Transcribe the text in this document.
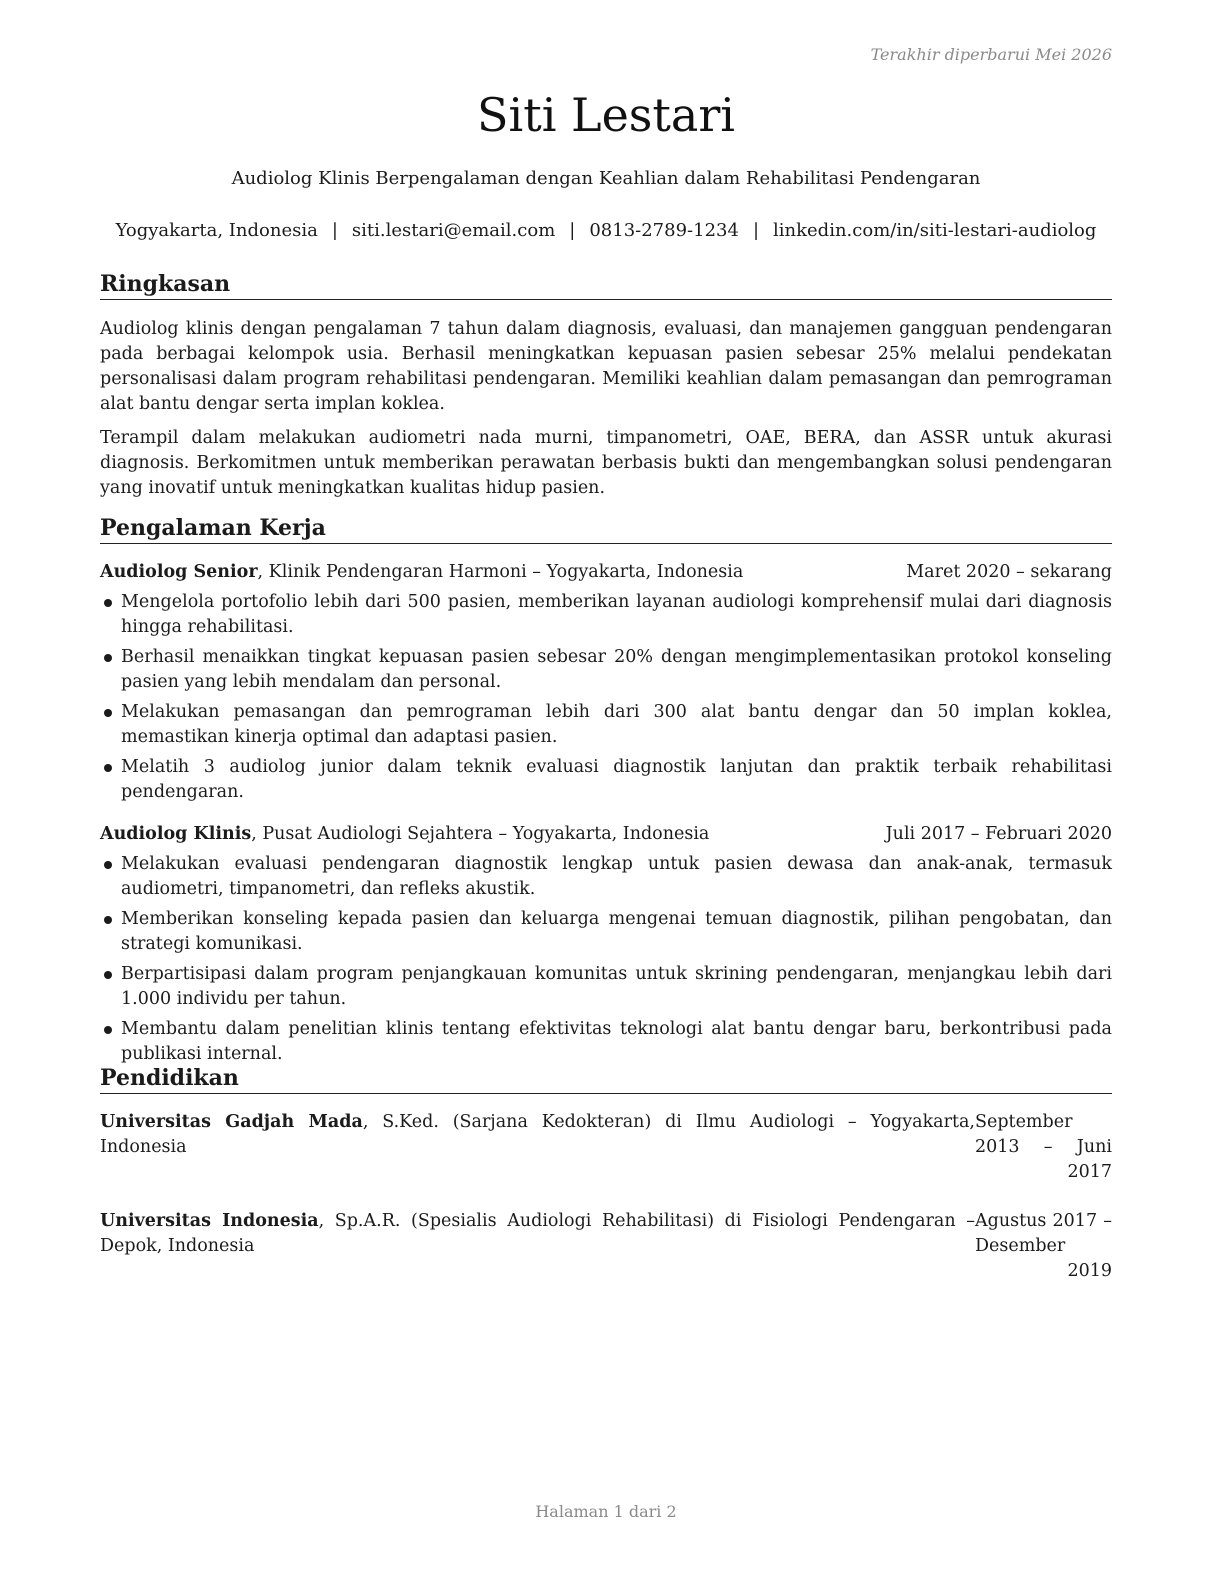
Terakhir diperbarui Mei 2026
Siti Lestari

Audiolog Klinis Berpengalaman dengan Keahlian dalam Rehabilitasi Pendengaran

Yogyakarta, Indonesia | siti.lestari@email.com | 0813-2789-1234 | linkedin.com/in/siti-lestari-audiolog

Ringkasan

Audiolog klinis dengan pengalaman 7 tahun dalam diagnosis, evaluasi, dan manajemen gangguan pendengaran pada berbagai kelompok usia. Berhasil meningkatkan kepuasan pasien sebesar 25% melalui pendekatan personalisasi dalam program rehabilitasi pendengaran. Memiliki keahlian dalam pemasangan dan pemrograman alat bantu dengar serta implan koklea.

Terampil dalam melakukan audiometri nada murni, timpanometri, OAE, BERA, dan ASSR untuk akurasi diagnosis. Berkomitmen untuk memberikan perawatan berbasis bukti dan mengembangkan solusi pendengaran yang inovatif untuk meningkatkan kualitas hidup pasien.

Pengalaman Kerja
Audiolog Senior, Klinik Pendengaran Harmoni – Yogyakarta, Indonesia	Maret 2020 – sekarang
Mengelola portofolio lebih dari 500 pasien, memberikan layanan audiologi komprehensif mulai dari diagnosis hingga rehabilitasi.
Berhasil menaikkan tingkat kepuasan pasien sebesar 20% dengan mengimplementasikan protokol konseling pasien yang lebih mendalam dan personal.
Melakukan pemasangan dan pemrograman lebih dari 300 alat bantu dengar dan 50 implan koklea, memastikan kinerja optimal dan adaptasi pasien.
Melatih 3 audiolog junior dalam teknik evaluasi diagnostik lanjutan dan praktik terbaik rehabilitasi pendengaran.
Audiolog Klinis, Pusat Audiologi Sejahtera – Yogyakarta, Indonesia	Juli 2017 – Februari 2020
Melakukan evaluasi pendengaran diagnostik lengkap untuk pasien dewasa dan anak-anak, termasuk audiometri, timpanometri, dan refleks akustik.
Memberikan konseling kepada pasien dan keluarga mengenai temuan diagnostik, pilihan pengobatan, dan strategi komunikasi.
Berpartisipasi dalam program penjangkauan komunitas untuk skrining pendengaran, menjangkau lebih dari 1.000 individu per tahun.
Membantu dalam penelitian klinis tentang efektivitas teknologi alat bantu dengar baru, berkontribusi pada publikasi internal.
Pendidikan
Universitas Gadjah Mada, S.Ked. (Sarjana Kedokteran) di Ilmu Audiologi – Yogyakarta, Indonesia
September 2013 – Juni
2017
Universitas Indonesia, Sp.A.R. (Spesialis Audiologi Rehabilitasi) di Fisiologi Pendengaran – Depok, Indonesia
Agustus 2017 – Desember
2019
Halaman 1 dari 2
